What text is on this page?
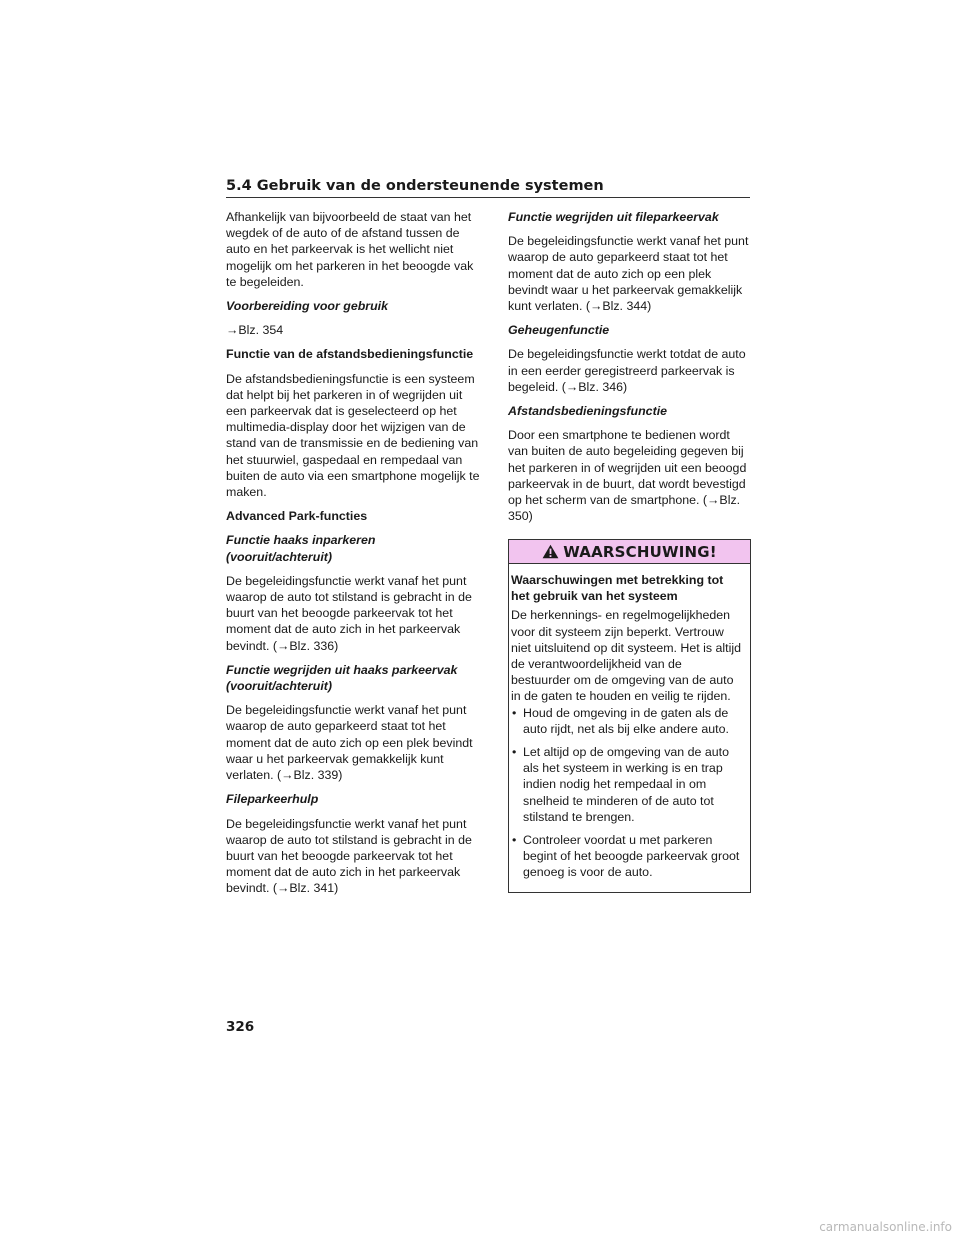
5.4 Gebruik van de ondersteunende systemen

Afhankelijk van bijvoorbeeld de staat van het wegdek of de auto of de afstand tussen de auto en het parkeervak is het wellicht niet mogelijk om het parkeren in het beoogde vak te begeleiden.

Voorbereiding voor gebruik

→Blz. 354

Functie van de afstandsbedieningsfunctie

De afstandsbedieningsfunctie is een systeem dat helpt bij het parkeren in of wegrijden uit een parkeervak dat is geselecteerd op het multimedia-display door het wijzigen van de stand van de transmissie en de bediening van het stuurwiel, gaspedaal en rempedaal van buiten de auto via een smartphone mogelijk te maken.

Advanced Park-functies

Functie haaks inparkeren (vooruit/achteruit)

De begeleidingsfunctie werkt vanaf het punt waarop de auto tot stilstand is gebracht in de buurt van het beoogde parkeervak tot het moment dat de auto zich in het parkeervak bevindt. (→Blz. 336)

Functie wegrijden uit haaks parkeervak (vooruit/achteruit)

De begeleidingsfunctie werkt vanaf het punt waarop de auto geparkeerd staat tot het moment dat de auto zich op een plek bevindt waar u het parkeervak gemakkelijk kunt verlaten. (→Blz. 339)

Fileparkeerhulp

De begeleidingsfunctie werkt vanaf het punt waarop de auto tot stilstand is gebracht in de buurt van het beoogde parkeervak tot het moment dat de auto zich in het parkeervak bevindt. (→Blz. 341)

Functie wegrijden uit fileparkeervak

De begeleidingsfunctie werkt vanaf het punt waarop de auto geparkeerd staat tot het moment dat de auto zich op een plek bevindt waar u het parkeervak gemakkelijk kunt verlaten. (→Blz. 344)

Geheugenfunctie

De begeleidingsfunctie werkt totdat de auto in een eerder geregistreerd parkeervak is begeleid. (→Blz. 346)

Afstandsbedieningsfunctie

Door een smartphone te bedienen wordt van buiten de auto begeleiding gegeven bij het parkeren in of wegrijden uit een beoogd parkeervak in de buurt, dat wordt bevestigd op het scherm van de smartphone. (→Blz. 350)

WAARSCHUWING!
Waarschuwingen met betrekking tot het gebruik van het systeem

De herkennings- en regelmogelijkheden voor dit systeem zijn beperkt. Vertrouw niet uitsluitend op dit systeem. Het is altijd de verantwoordelijkheid van de bestuurder om de omgeving van de auto in de gaten te houden en veilig te rijden.

• Houd de omgeving in de gaten als de auto rijdt, net als bij elke andere auto.
• Let altijd op de omgeving van de auto als het systeem in werking is en trap indien nodig het rempedaal in om snelheid te minderen of de auto tot stilstand te brengen.
• Controleer voordat u met parkeren begint of het beoogde parkeervak groot genoeg is voor de auto.
326
carmanualsonline.info
